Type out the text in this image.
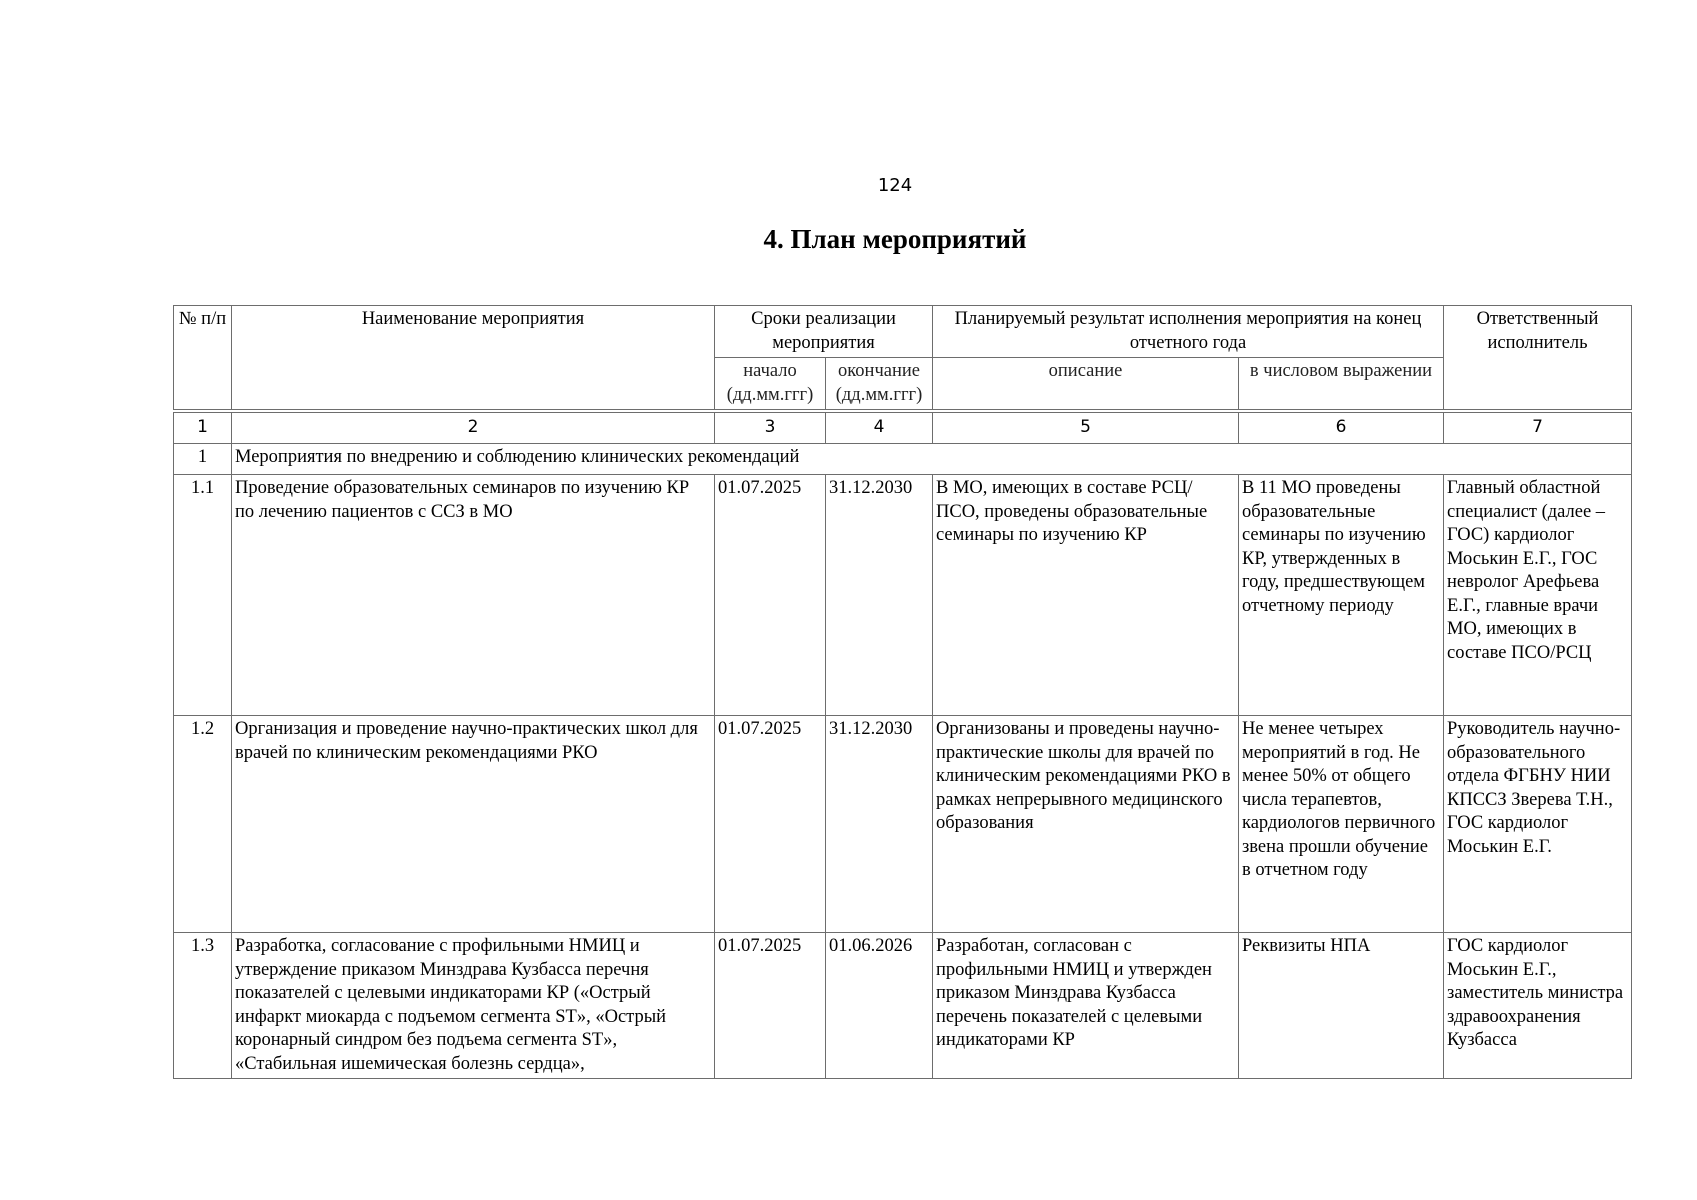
124
4. План мероприятий
№ п/п	Наименование мероприятия	Сроки реализации мероприятия		Планируемый результат исполнения мероприятия на конец отчетного года		Ответственный исполнитель
		начало (дд.мм.ггг)	окончание (дд.мм.ггг)	описание	в числовом выражении	

1	2	3	4	5	6	7
1	Мероприятия по внедрению и соблюдению клинических рекомендаций					
1.1	Проведение образовательных семинаров по изучению КР по лечению пациентов с ССЗ в МО	01.07.2025	31.12.2030	В МО, имеющих в составе РСЦ/ПСО, проведены образовательные семинары по изучению КР	В 11 МО проведены образовательные семинары по изучению КР, утвержденных в году, предшествующем отчетному периоду	Главный областной специалист (далее – ГОС) кардиолог Моськин Е.Г., ГОС невролог Арефьева Е.Г., главные врачи МО, имеющих в составе ПСО/РСЦ
1.2	Организация и проведение научно-практических школ для врачей по клиническим рекомендациями РКО	01.07.2025	31.12.2030	Организованы и проведены научно-практические школы для врачей по клиническим рекомендациями РКО в рамках непрерывного медицинского образования	Не менее четырех мероприятий в год. Не менее 50% от общего числа терапевтов, кардиологов первичного звена прошли обучение в отчетном году	Руководитель научно-образовательного отдела ФГБНУ НИИ КПССЗ Зверева Т.Н., ГОС кардиолог Моськин Е.Г.
1.3	Разработка, согласование с профильными НМИЦ и утверждение приказом Минздрава Кузбасса перечня показателей с целевыми индикаторами КР («Острый инфаркт миокарда с подъемом сегмента ST», «Острый коронарный синдром без подъема сегмента ST», «Стабильная ишемическая болезнь сердца»,	01.07.2025	01.06.2026	Разработан, согласован с профильными НМИЦ и утвержден приказом Минздрава Кузбасса перечень показателей с целевыми индикаторами КР	Реквизиты НПА	ГОС кардиолог Моськин Е.Г., заместитель министра здравоохранения Кузбасса
